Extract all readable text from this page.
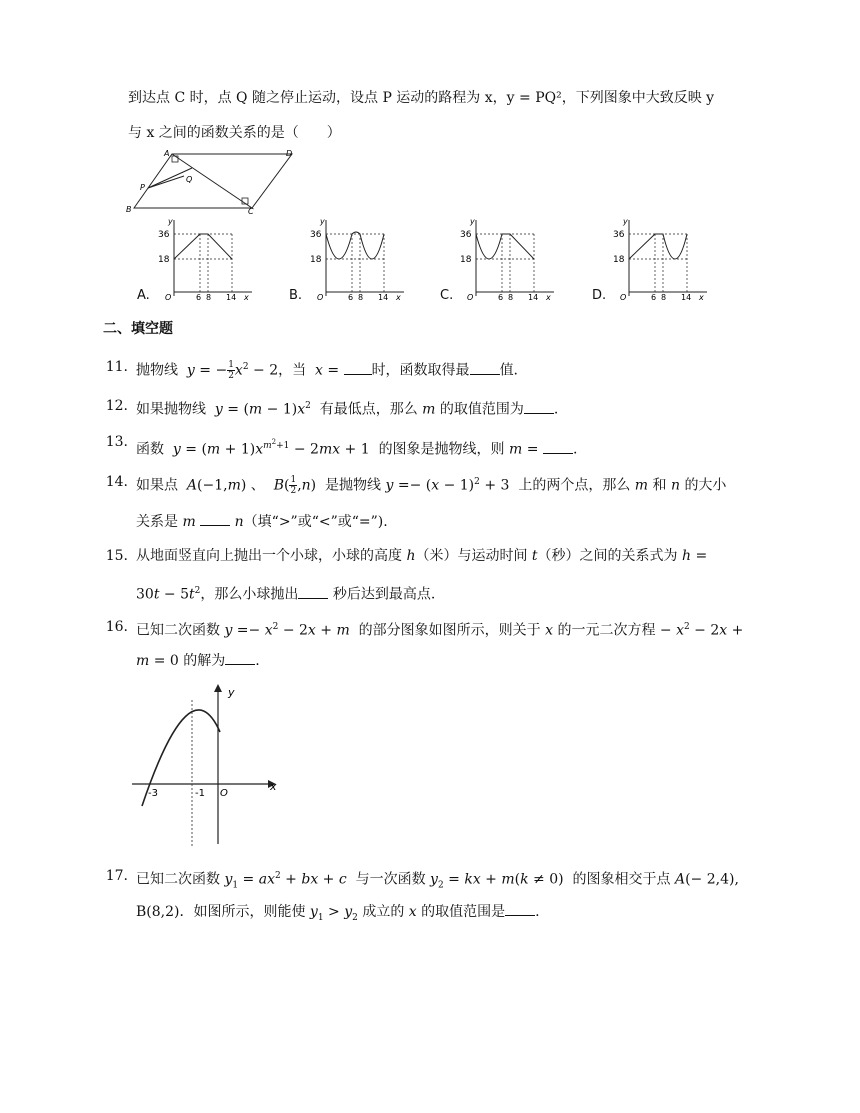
到达点 C 时，点 Q 随之停止运动，设点 P 运动的路程为 x，y = PQ²，下列图象中大致反映 y
与 x 之间的函数关系的是（　　）
A	D
B	C
P
Q
36
18
6 8 14
O	x
y
A.
36
18
6 8 14
O	x
y
B.
36
18
6 8 14
O	x
y
C.
36
18
6 8 14
O	x
y
D.
二、填空题
11. 抛物线  y = − $\frac{1}{2} x^2 - 2$，当  x = 时，函数取得最 值.
12. 如果抛物线  $y = (m - 1)x^2$ 有最低点，那么 m 的取值范围为 .
13. 函数  $y = (m + 1)x^{m^2+1} - 2mx + 1$  的图象是抛物线，则 m = .
14. 如果点  A(−1,m) 、 $B( \frac{1}{2} ,n)$  是抛物线 $y =- (x - 1)^2 + 3$  上的两个点，那么 m 和 n 的大小
关系是 m  n（填“>”或“<”或“=”).
15. 从地面竖直向上抛出一个小球，小球的高度 h（米）与运动时间 t（秒）之间的关系式为 h =
$30t - 5t^2$，那么小球抛出 秒后达到最高点.
16. 已知二次函数 $y =- x^2 - 2x + m$ 的部分图象如图所示，则关于 x 的一元二次方程 − $x^2 - 2x$ +
m = 0 的解为 .
y
x
-3	-1 O
17. 已知二次函数 $y_1 = ax^2$ + bx + c 与一次函数 $y_2$ = kx + m(k ≠ 0)  的图象相交于点 A(− 2,4),
B(8,2)．如图所示，则能使 $y_1 > y_2$ 成立的 x 的取值范围是 .
